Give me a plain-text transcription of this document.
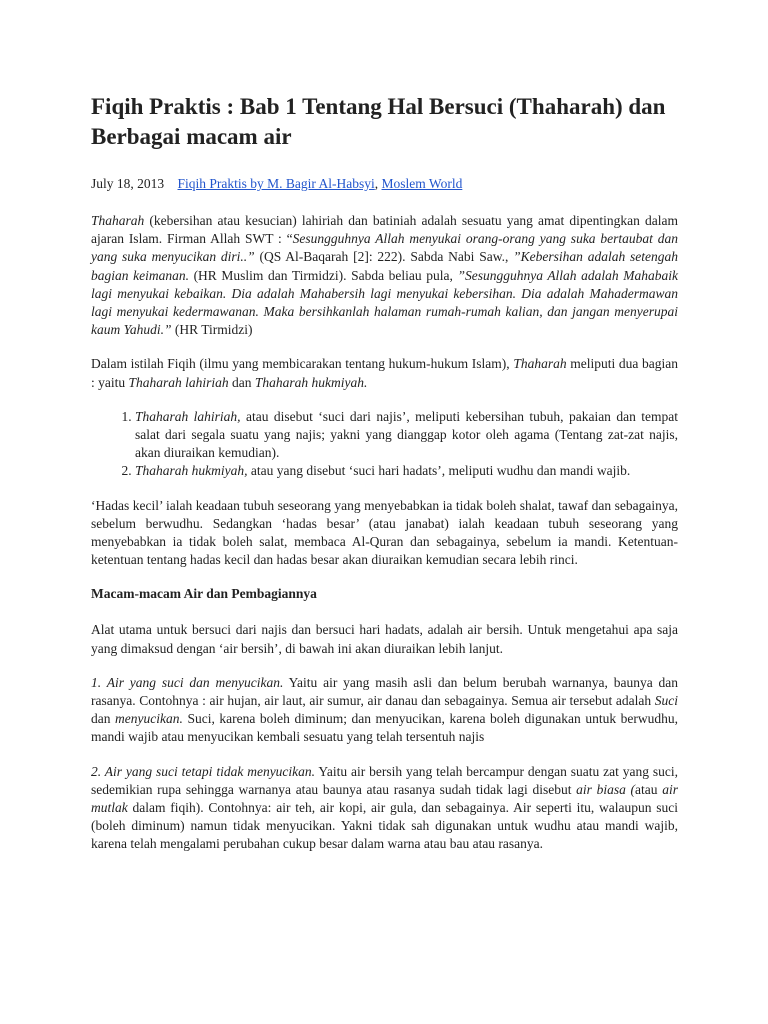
Fiqih Praktis : Bab 1 Tentang Hal Bersuci (Thaharah) dan Berbagai macam air
July 18, 2013 Fiqih Praktis by M. Bagir Al-Habsyi, Moslem World

Thaharah (kebersihan atau kesucian) lahiriah dan batiniah adalah sesuatu yang amat dipentingkan dalam ajaran Islam. Firman Allah SWT : “Sesungguhnya Allah menyukai orang-orang yang suka bertaubat dan yang suka menyucikan diri..” (QS Al-Baqarah [2]: 222). Sabda Nabi Saw., ”Kebersihan adalah setengah bagian keimanan. (HR Muslim dan Tirmidzi). Sabda beliau pula, ”Sesungguhnya Allah adalah Mahabaik lagi menyukai kebaikan. Dia adalah Mahabersih lagi menyukai kebersihan. Dia adalah Mahadermawan lagi menyukai kedermawanan. Maka bersihkanlah halaman rumah-rumah kalian, dan jangan menyerupai kaum Yahudi.” (HR Tirmidzi)

Dalam istilah Fiqih (ilmu yang membicarakan tentang hukum-hukum Islam), Thaharah meliputi dua bagian : yaitu Thaharah lahiriah dan Thaharah hukmiyah.

1. Thaharah lahiriah, atau disebut ‘suci dari najis’, meliputi kebersihan tubuh, pakaian dan tempat salat dari segala suatu yang najis; yakni yang dianggap kotor oleh agama (Tentang zat-zat najis, akan diuraikan kemudian).
2. Thaharah hukmiyah, atau yang disebut ‘suci hari hadats’, meliputi wudhu dan mandi wajib.

‘Hadas kecil’ ialah keadaan tubuh seseorang yang menyebabkan ia tidak boleh shalat, tawaf dan sebagainya, sebelum berwudhu. Sedangkan ‘hadas besar’ (atau janabat) ialah keadaan tubuh seseorang yang menyebabkan ia tidak boleh salat, membaca Al-Quran dan sebagainya, sebelum ia mandi. Ketentuan-ketentuan tentang hadas kecil dan hadas besar akan diuraikan kemudian secara lebih rinci.

Macam-macam Air dan Pembagiannya

Alat utama untuk bersuci dari najis dan bersuci hari hadats, adalah air bersih. Untuk mengetahui apa saja yang dimaksud dengan ‘air bersih’, di bawah ini akan diuraikan lebih lanjut.

1. Air yang suci dan menyucikan. Yaitu air yang masih asli dan belum berubah warnanya, baunya dan rasanya. Contohnya : air hujan, air laut, air sumur, air danau dan sebagainya. Semua air tersebut adalah Suci dan menyucikan. Suci, karena boleh diminum; dan menyucikan, karena boleh digunakan untuk berwudhu, mandi wajib atau menyucikan kembali sesuatu yang telah tersentuh najis

2. Air yang suci tetapi tidak menyucikan. Yaitu air bersih yang telah bercampur dengan suatu zat yang suci, sedemikian rupa sehingga warnanya atau baunya atau rasanya sudah tidak lagi disebut air biasa (atau air mutlak dalam fiqih). Contohnya: air teh, air kopi, air gula, dan sebagainya. Air seperti itu, walaupun suci (boleh diminum) namun tidak menyucikan. Yakni tidak sah digunakan untuk wudhu atau mandi wajib, karena telah mengalami perubahan cukup besar dalam warna atau bau atau rasanya.
